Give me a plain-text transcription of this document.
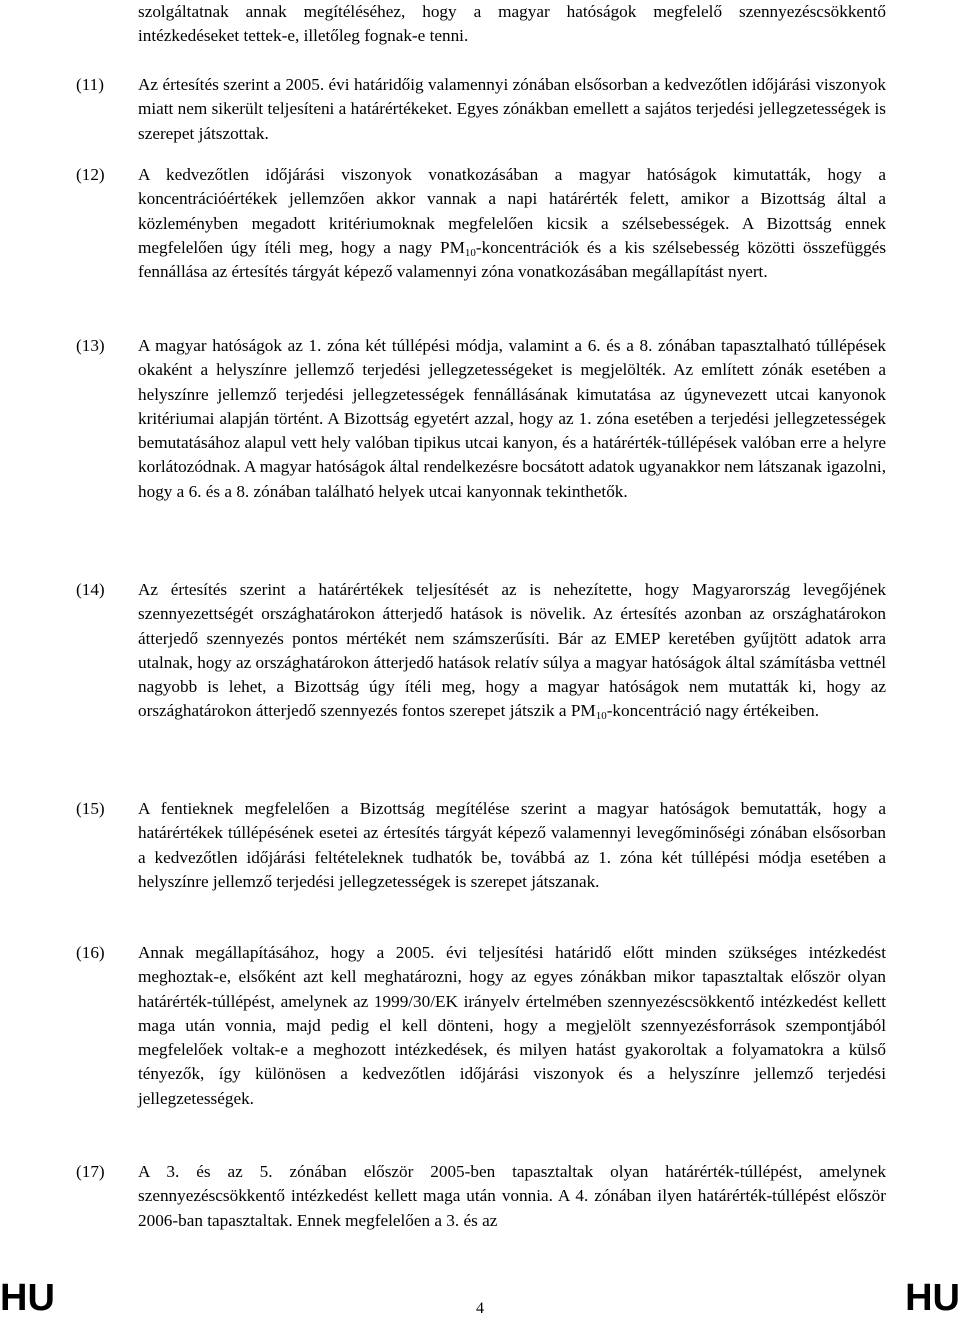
szolgáltatnak annak megítéléséhez, hogy a magyar hatóságok megfelelő szennyezéscsökkentő intézkedéseket tettek-e, illetőleg fognak-e tenni.
(11) Az értesítés szerint a 2005. évi határidőig valamennyi zónában elsősorban a kedvezőtlen időjárási viszonyok miatt nem sikerült teljesíteni a határértékeket. Egyes zónákban emellett a sajátos terjedési jellegzetességek is szerepet játszottak.
(12) A kedvezőtlen időjárási viszonyok vonatkozásában a magyar hatóságok kimutatták, hogy a koncentrációértékek jellemzően akkor vannak a napi határérték felett, amikor a Bizottság által a közleményben megadott kritériumoknak megfelelően kicsik a szélsebességek. A Bizottság ennek megfelelően úgy ítéli meg, hogy a nagy $PM_{10}$-koncentrációk és a kis szélsebesség közötti összefüggés fennállása az értesítés tárgyát képező valamennyi zóna vonatkozásában megállapítást nyert.
(13) A magyar hatóságok az 1. zóna két túllépési módja, valamint a 6. és a 8. zónában tapasztalható túllépések okaként a helyszínre jellemző terjedési jellegzetességeket is megjelölték. Az említett zónák esetében a helyszínre jellemző terjedési jellegzetességek fennállásának kimutatása az úgynevezett utcai kanyonok kritériumai alapján történt. A Bizottság egyetért azzal, hogy az 1. zóna esetében a terjedési jellegzetességek bemutatásához alapul vett hely valóban tipikus utcai kanyon, és a határérték-túllépések valóban erre a helyre korlátozódnak. A magyar hatóságok által rendelkezésre bocsátott adatok ugyanakkor nem látszanak igazolni, hogy a 6. és a 8. zónában található helyek utcai kanyonnak tekinthetők.
(14) Az értesítés szerint a határértékek teljesítését az is nehezítette, hogy Magyarország levegőjének szennyezettségét országhatárokon átterjedő hatások is növelik. Az értesítés azonban az országhatárokon átterjedő szennyezés pontos mértékét nem számszerűsíti. Bár az EMEP keretében gyűjtött adatok arra utalnak, hogy az országhatárokon átterjedő hatások relatív súlya a magyar hatóságok által számításba vettnél nagyobb is lehet, a Bizottság úgy ítéli meg, hogy a magyar hatóságok nem mutatták ki, hogy az országhatárokon átterjedő szennyezés fontos szerepet játszik a $PM_{10}$-koncentráció nagy értékeiben.
(15) A fentieknek megfelelően a Bizottság megítélése szerint a magyar hatóságok bemutatták, hogy a határértékek túllépésének esetei az értesítés tárgyát képező valamennyi levegőminőségi zónában elsősorban a kedvezőtlen időjárási feltételeknek tudhatók be, továbbá az 1. zóna két túllépési módja esetében a helyszínre jellemző terjedési jellegzetességek is szerepet játszanak.
(16) Annak megállapításához, hogy a 2005. évi teljesítési határidő előtt minden szükséges intézkedést meghoztak-e, elsőként azt kell meghatározni, hogy az egyes zónákban mikor tapasztaltak először olyan határérték-túllépést, amelynek az 1999/30/EK irányelv értelmében szennyezéscsökkentő intézkedést kellett maga után vonnia, majd pedig el kell dönteni, hogy a megjelölt szennyezésforrások szempontjából megfelelőek voltak-e a meghozott intézkedések, és milyen hatást gyakoroltak a folyamatokra a külső tényezők, így különösen a kedvezőtlen időjárási viszonyok és a helyszínre jellemző terjedési jellegzetességek.
(17) A 3. és az 5. zónában először 2005-ben tapasztaltak olyan határérték-túllépést, amelynek szennyezéscsökkentő intézkedést kellett maga után vonnia. A 4. zónában ilyen határérték-túllépést először 2006-ban tapasztaltak. Ennek megfelelően a 3. és az
HU	4	HU
